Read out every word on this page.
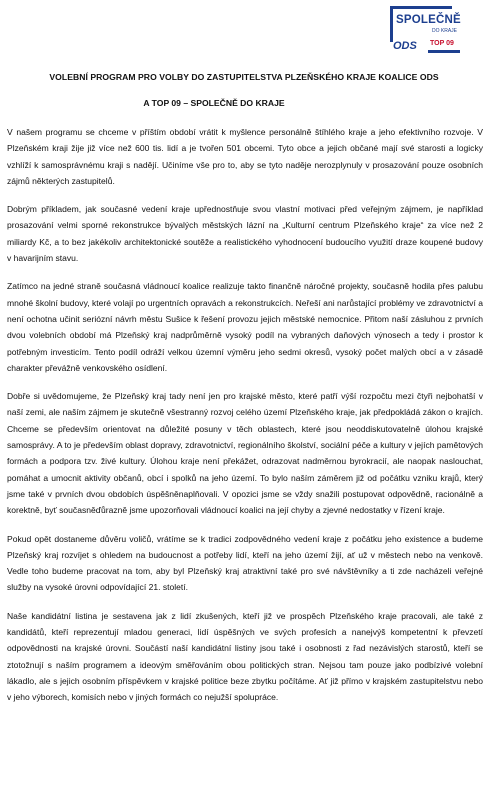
SPOLEČNĚ
DO KRAJE
ODS TOP 09
VOLEBNÍ PROGRAM PRO VOLBY DO ZASTUPITELSTVA PLZEŇSKÉHO KRAJE KOALICE ODS
A TOP 09 – SPOLEČNĚ DO KRAJE

V našem programu se chceme v příštím období vrátit k myšlence personálně štíhlého kraje a jeho efektivního rozvoje. V Plzeňském kraji žije již více než 600 tis. lidí a je tvořen 501 obcemi. Tyto obce a jejich občané mají své starosti a logicky vzhlíží k samosprávnému kraji s nadějí. Učiníme vše pro to, aby se tyto naděje nerozplynuly v prosazování pouze osobních zájmů některých zastupitelů.

Dobrým příkladem, jak současné vedení kraje upřednostňuje svou vlastní motivaci před veřejným zájmem, je například prosazování velmi sporné rekonstrukce bývalých městských lázní na „Kulturní centrum Plzeňského kraje“ za více než 2 miliardy Kč, a to bez jakékoliv architektonické soutěže a realistického vyhodnocení budoucího využití draze koupené budovy v havarijním stavu.

Zatímco na jedné straně současná vládnoucí koalice realizuje takto finančně náročné projekty, současně hodila přes palubu mnohé školní budovy, které volají po urgentních opravách a rekonstrukcích. Neřeší ani narůstající problémy ve zdravotnictví a není ochotna učinit seriózní návrh městu Sušice k řešení provozu jejich městské nemocnice. Přitom naší zásluhou z prvních dvou volebních období má Plzeňský kraj nadprůměrně vysoký podíl na vybraných daňových výnosech a tedy i prostor k potřebným investicím. Tento podíl odráží velkou územní výměru jeho sedmi okresů, vysoký počet malých obcí a v zásadě charakter převážně venkovského osídlení.

Dobře si uvědomujeme, že Plzeňský kraj tady není jen pro krajské město, které patří výší rozpočtu mezi čtyři nejbohatší v naší zemi, ale naším zájmem je skutečně všestranný rozvoj celého území Plzeňského kraje, jak předpokládá zákon o krajích. Chceme se především orientovat na důležité posuny v těch oblastech, které jsou neoddiskutovatelně úlohou krajské samosprávy. A to je především oblast dopravy, zdravotnictví, regionálního školství, sociální péče a kultury v jejích pamětových formách a podpora tzv. živé kultury. Úlohou kraje není překážet, odrazovat nadměrnou byrokracií, ale naopak naslouchat, pomáhat a umocnit aktivity občanů, obcí i spolků na jeho území. To bylo naším záměrem již od počátku vzniku krajů, který jsme také v prvních dvou obdobích úspěšněnaplňovali. V opozici jsme se vždy snažili postupovat odpovědně, racionálně a korektně, byť současněďůrazně jsme upozorňovali vládnoucí koalici na její chyby a zjevné nedostatky v řízení kraje.

Pokud opět dostaneme důvěru voličů, vrátíme se k tradici zodpovědného vedení kraje z počátku jeho existence a budeme Plzeňský kraj rozvíjet s ohledem na budoucnost a potřeby lidí, kteří na jeho území žijí, ať už v městech nebo na venkově. Vedle toho budeme pracovat na tom, aby byl Plzeňský kraj atraktivní také pro své návštěvníky a ti zde nacházeli veřejné služby na vysoké úrovni odpovídající 21. století.

Naše kandidátní listina je sestavena jak z lidí zkušených, kteří již ve prospěch Plzeňského kraje pracovali, ale také z kandidátů, kteří reprezentují mladou generaci, lidí úspěšných ve svých profesích a nanejvýš kompetentní k převzetí odpovědnosti na krajské úrovni. Součástí naší kandidátní listiny jsou také i osobnosti z řad nezávislých starostů, kteří se ztotožnují s naším programem a ideovým směřováním obou politických stran. Nejsou tam pouze jako podbízivé volební lákadlo, ale s jejich osobním příspěvkem v krajské politice beze zbytku počítáme. Ať již přímo v krajském zastupitelstvu nebo v jeho výborech, komisích nebo v jiných formách co nejužší spolupráce.
